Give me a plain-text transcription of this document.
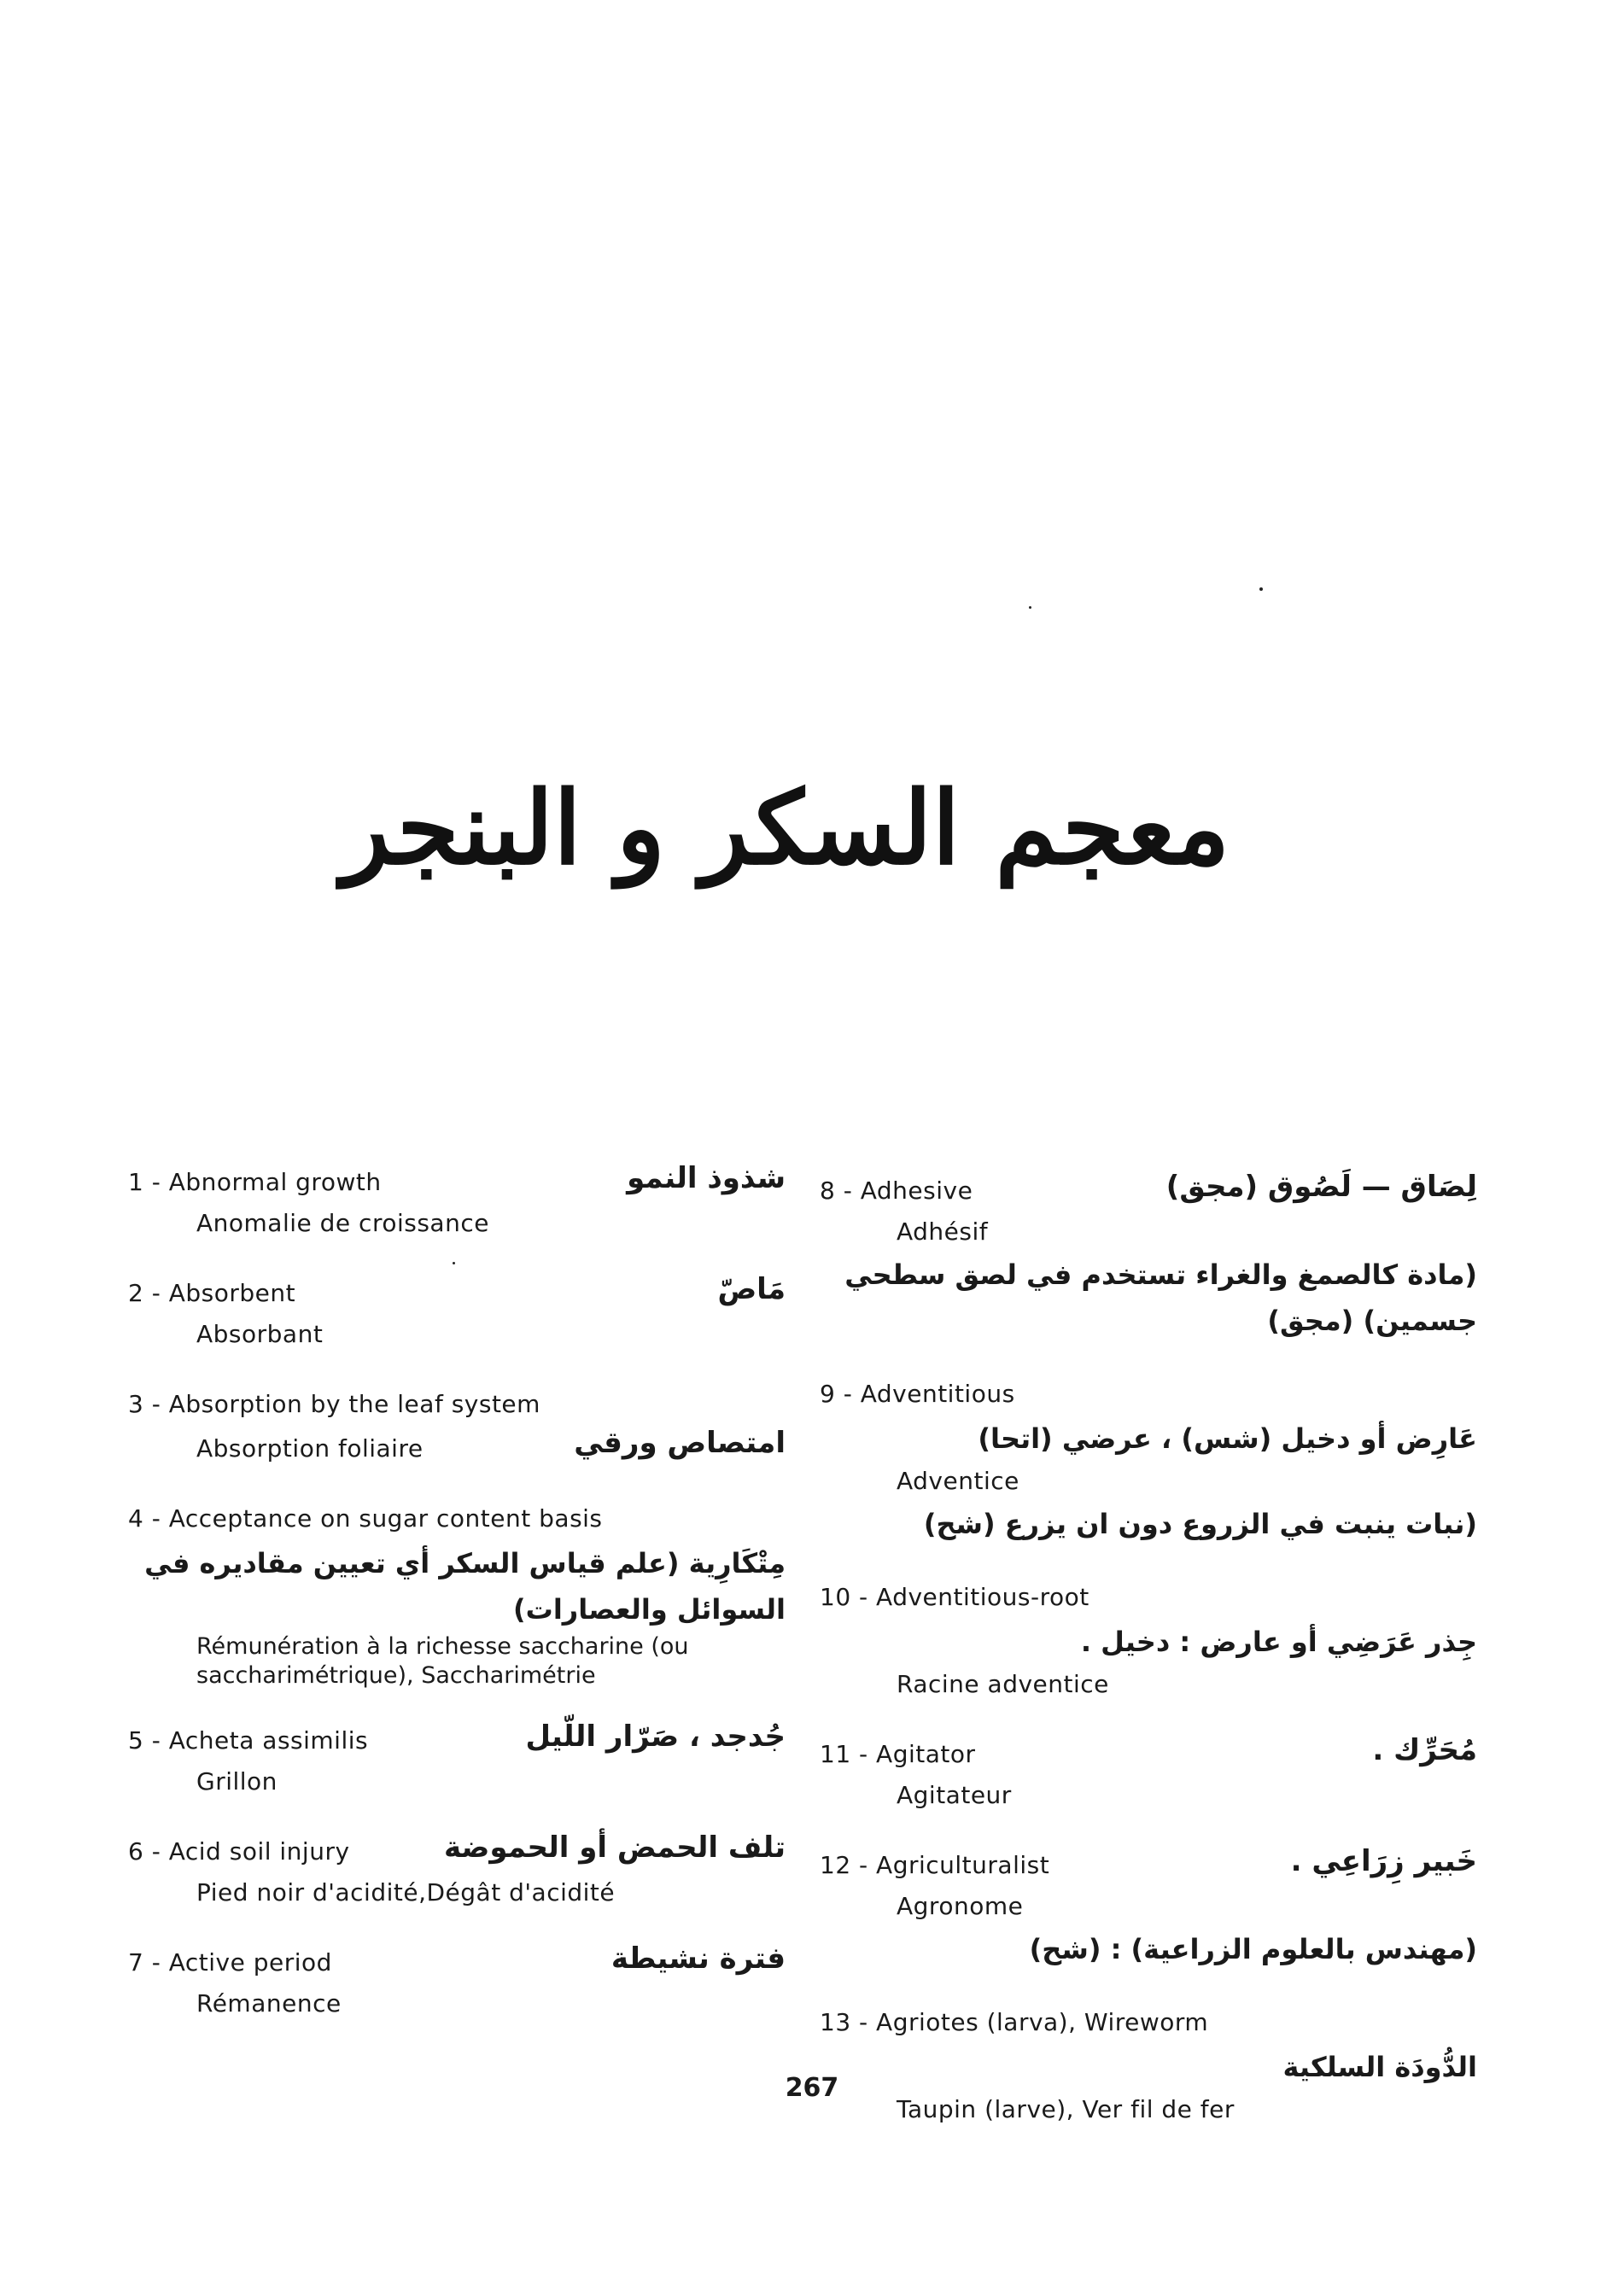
معجم السكر و البنجر
1 - Abnormal growth	شذوذ النمو
Anomalie de croissance
2 - Absorbent	مَاصّ
Absorbant
3 - Absorption by the leaf system
Absorption foliaire	امتصاص ورقي
4 - Acceptance on sugar content basis
مِتْكَارِية (علم قياس السكر أي تعيين مقاديره في السوائل والعصارات)
Rémunération à la richesse saccharine (ou saccharimétrique), Saccharimétrie
5 - Acheta assimilis	جُدجد ، صَرّار اللّيل
Grillon
6 - Acid soil injury	تلف الحمض أو الحموضة
Pied noir d'acidité,Dégât d'acidité
7 - Active period	فترة نشيطة
Rémanence
8 - Adhesive	لِصَاق — لَصُوق (مجق)
Adhésif
(مادة كالصمغ والغراء تستخدم في لصق سطحي جسمين) (مجق)
9 - Adventitious
عَارِض أو دخيل (شس) ، عرضي (اتحا)
Adventice
(نبات ينبت في الزروع دون ان يزرع (شح)
10 - Adventitious-root
جِذر عَرَضِي أو عارض : دخيل .
Racine adventice
11 - Agitator	مُحَرِّك .
Agitateur
12 - Agriculturalist	خَبير زِرَاعِي .
Agronome
(مهندس بالعلوم الزراعية) : (شح)
13 - Agriotes (larva), Wireworm
الدُّودَة السلكية
Taupin (larve), Ver fil de fer
267
